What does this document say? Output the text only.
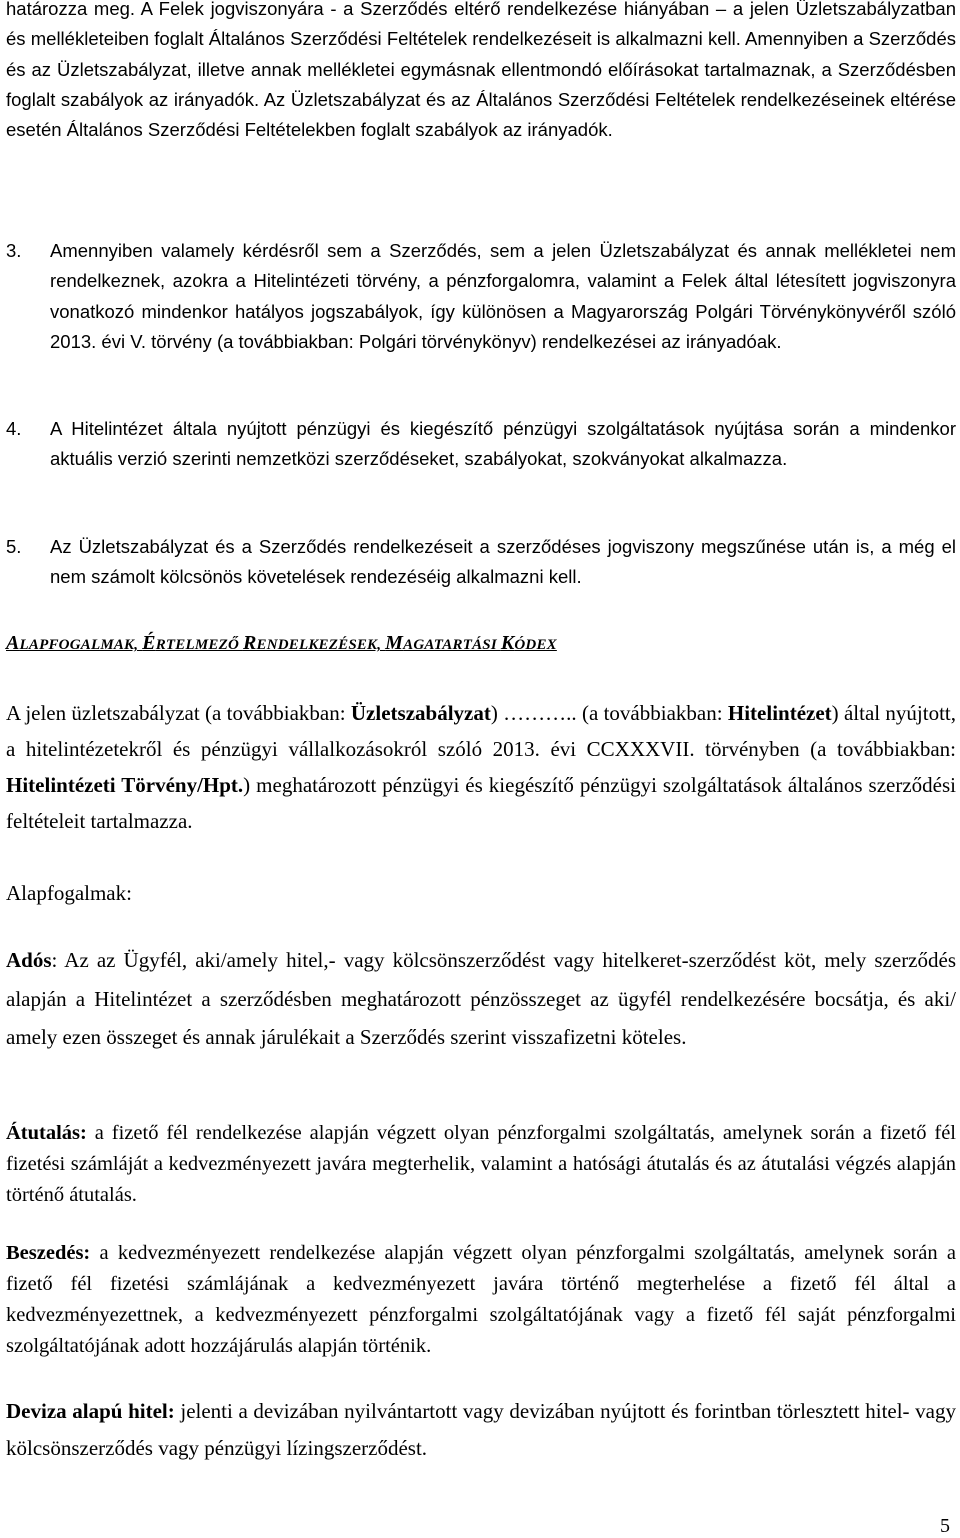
határozza meg. A Felek jogviszonyára - a Szerződés eltérő rendelkezése hiányában – a jelen Üzletszabályzatban és mellékleteiben foglalt Általános Szerződési Feltételek rendelkezéseit is alkalmazni kell. Amennyiben a Szerződés és az Üzletszabályzat, illetve annak mellékletei egymásnak ellentmondó előírásokat tartalmaznak, a Szerződésben foglalt szabályok az irányadók. Az Üzletszabályzat és az Általános Szerződési Feltételek rendelkezéseinek eltérése esetén Általános Szerződési Feltételekben foglalt szabályok az irányadók.

3. Amennyiben valamely kérdésről sem a Szerződés, sem a jelen Üzletszabályzat és annak mellékletei nem rendelkeznek, azokra a Hitelintézeti törvény, a pénzforgalomra, valamint a Felek által létesített jogviszonyra vonatkozó mindenkor hatályos jogszabályok, így különösen a Magyarország Polgári Törvénykönyvéről szóló 2013. évi V. törvény (a továbbiakban: Polgári törvénykönyv) rendelkezései az irányadóak.

4. A Hitelintézet általa nyújtott pénzügyi és kiegészítő pénzügyi szolgáltatások nyújtása során a mindenkor aktuális verzió szerinti nemzetközi szerződéseket, szabályokat, szokványokat alkalmazza.

5. Az Üzletszabályzat és a Szerződés rendelkezéseit a szerződéses jogviszony megszűnése után is, a még el nem számolt kölcsönös követelések rendezéséig alkalmazni kell.

ALAPFOGALMAK, ÉRTELMEZŐ RENDELKEZÉSEK, MAGATARTÁSI KÓDEX

A jelen üzletszabályzat (a továbbiakban: Üzletszabályzat) ……….. (a továbbiakban: Hitelintézet) által nyújtott, a hitelintézetekről és pénzügyi vállalkozásokról szóló 2013. évi CCXXXVII. törvényben (a továbbiakban: Hitelintézeti Törvény/Hpt.) meghatározott pénzügyi és kiegészítő pénzügyi szolgáltatások általános szerződési feltételeit tartalmazza.

Alapfogalmak:

Adós: Az az Ügyfél, aki/amely hitel,- vagy kölcsönszerződést vagy hitelkeret-szerződést köt, mely szerződés alapján a Hitelintézet a szerződésben meghatározott pénzösszeget az ügyfél rendelkezésére bocsátja, és aki/ amely ezen összeget és annak járulékait a Szerződés szerint visszafizetni köteles.

Átutalás: a fizető fél rendelkezése alapján végzett olyan pénzforgalmi szolgáltatás, amelynek során a fizető fél fizetési számláját a kedvezményezett javára megterhelik, valamint a hatósági átutalás és az átutalási végzés alapján történő átutalás.

Beszedés: a kedvezményezett rendelkezése alapján végzett olyan pénzforgalmi szolgáltatás, amelynek során a fizető fél fizetési számlájának a kedvezményezett javára történő megterhelése a fizető fél által a kedvezményezettnek, a kedvezményezett pénzforgalmi szolgáltatójának vagy a fizető fél saját pénzforgalmi szolgáltatójának adott hozzájárulás alapján történik.

Deviza alapú hitel: jelenti a devizában nyilvántartott vagy devizában nyújtott és forintban törlesztett hitel- vagy kölcsönszerződés vagy pénzügyi lízingszerződést.

5
